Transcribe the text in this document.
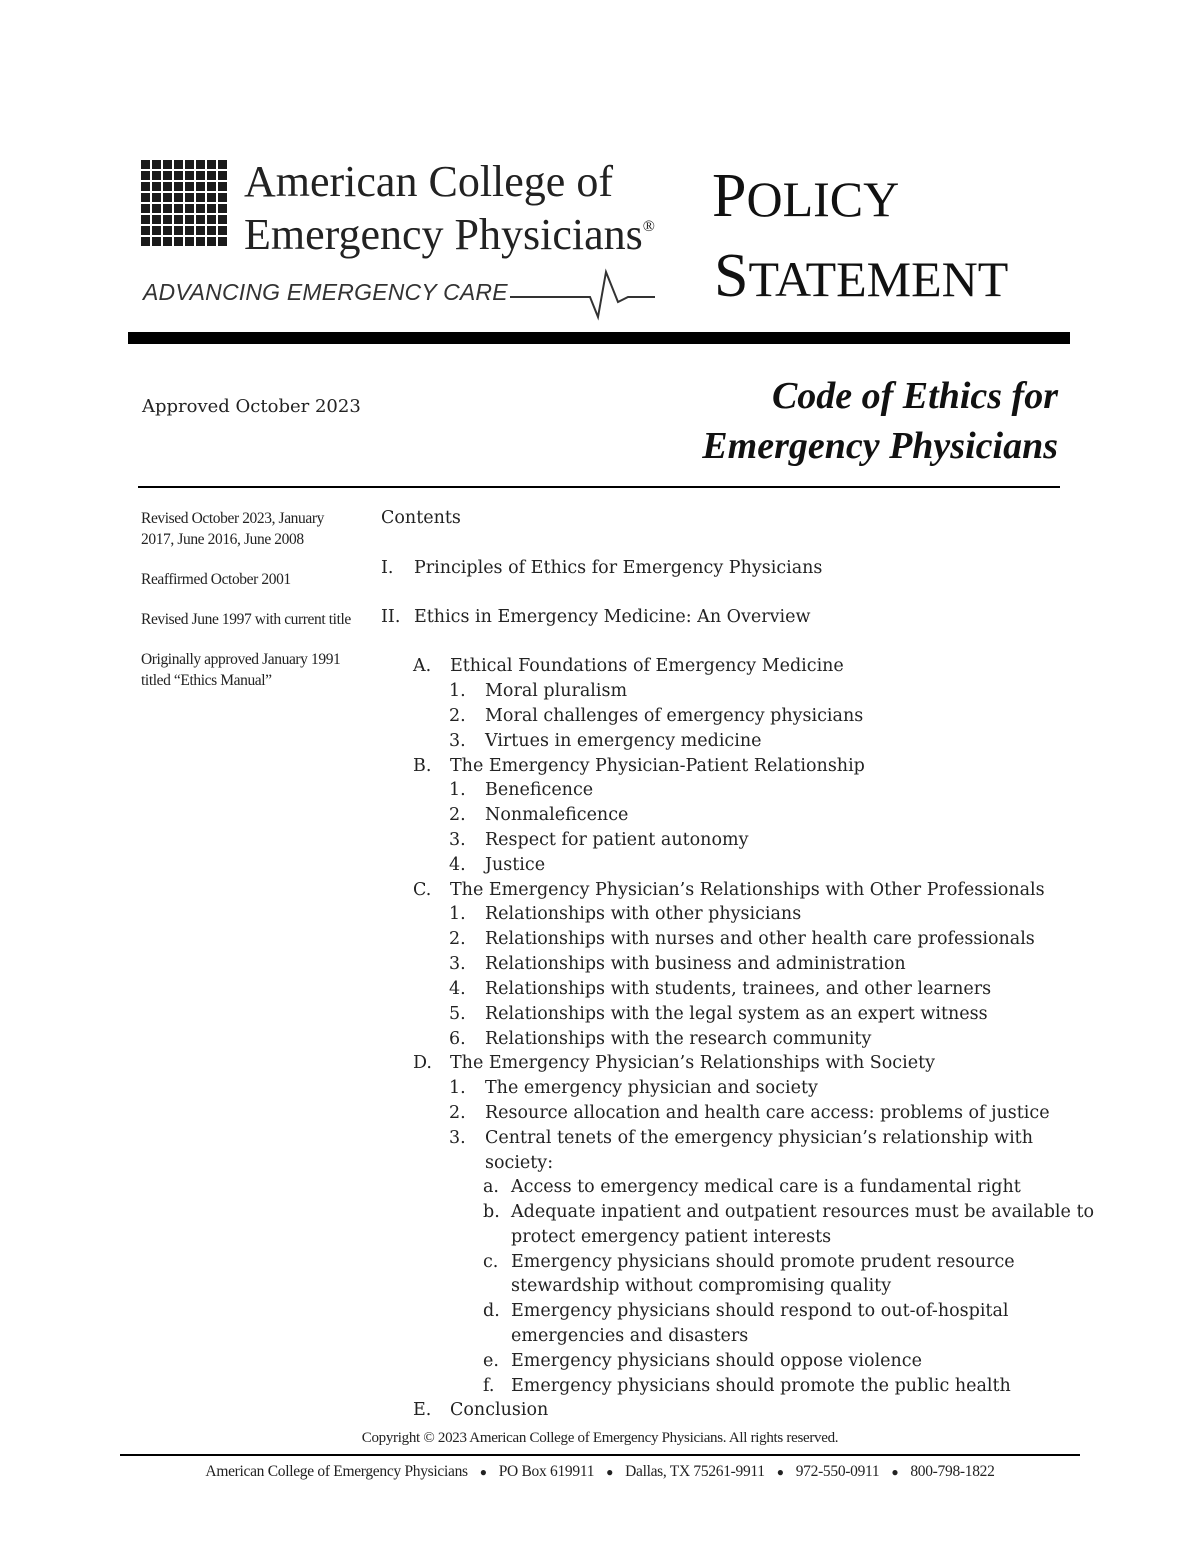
American College of
Emergency Physicians®
ADVANCING EMERGENCY CARE
POLICY
STATEMENT
Approved October 2023	Code of Ethics for
Emergency Physicians

Revised October 2023, January 2017, June 2016, June 2008

Reaffirmed October 2001

Revised June 1997 with current title

Originally approved January 1991 titled “Ethics Manual”

Contents
I. Principles of Ethics for Emergency Physicians
II. Ethics in Emergency Medicine: An Overview
A. Ethical Foundations of Emergency Medicine
1. Moral pluralism
2. Moral challenges of emergency physicians
3. Virtues in emergency medicine
B. The Emergency Physician-Patient Relationship
1. Beneficence
2. Nonmaleficence
3. Respect for patient autonomy
4. Justice
C. The Emergency Physician’s Relationships with Other Professionals
1. Relationships with other physicians
2. Relationships with nurses and other health care professionals
3. Relationships with business and administration
4. Relationships with students, trainees, and other learners
5. Relationships with the legal system as an expert witness
6. Relationships with the research community
D. The Emergency Physician’s Relationships with Society
1. The emergency physician and society
2. Resource allocation and health care access: problems of justice
3. Central tenets of the emergency physician’s relationship with
society:
a. Access to emergency medical care is a fundamental right
b. Adequate inpatient and outpatient resources must be available to
protect emergency patient interests
c. Emergency physicians should promote prudent resource
stewardship without compromising quality
d. Emergency physicians should respond to out-of-hospital
emergencies and disasters
e. Emergency physicians should oppose violence
f. Emergency physicians should promote the public health
E. Conclusion
Copyright © 2023 American College of Emergency Physicians. All rights reserved.
American College of Emergency Physicians ● PO Box 619911 ● Dallas, TX 75261-9911 ● 972-550-0911 ● 800-798-1822
